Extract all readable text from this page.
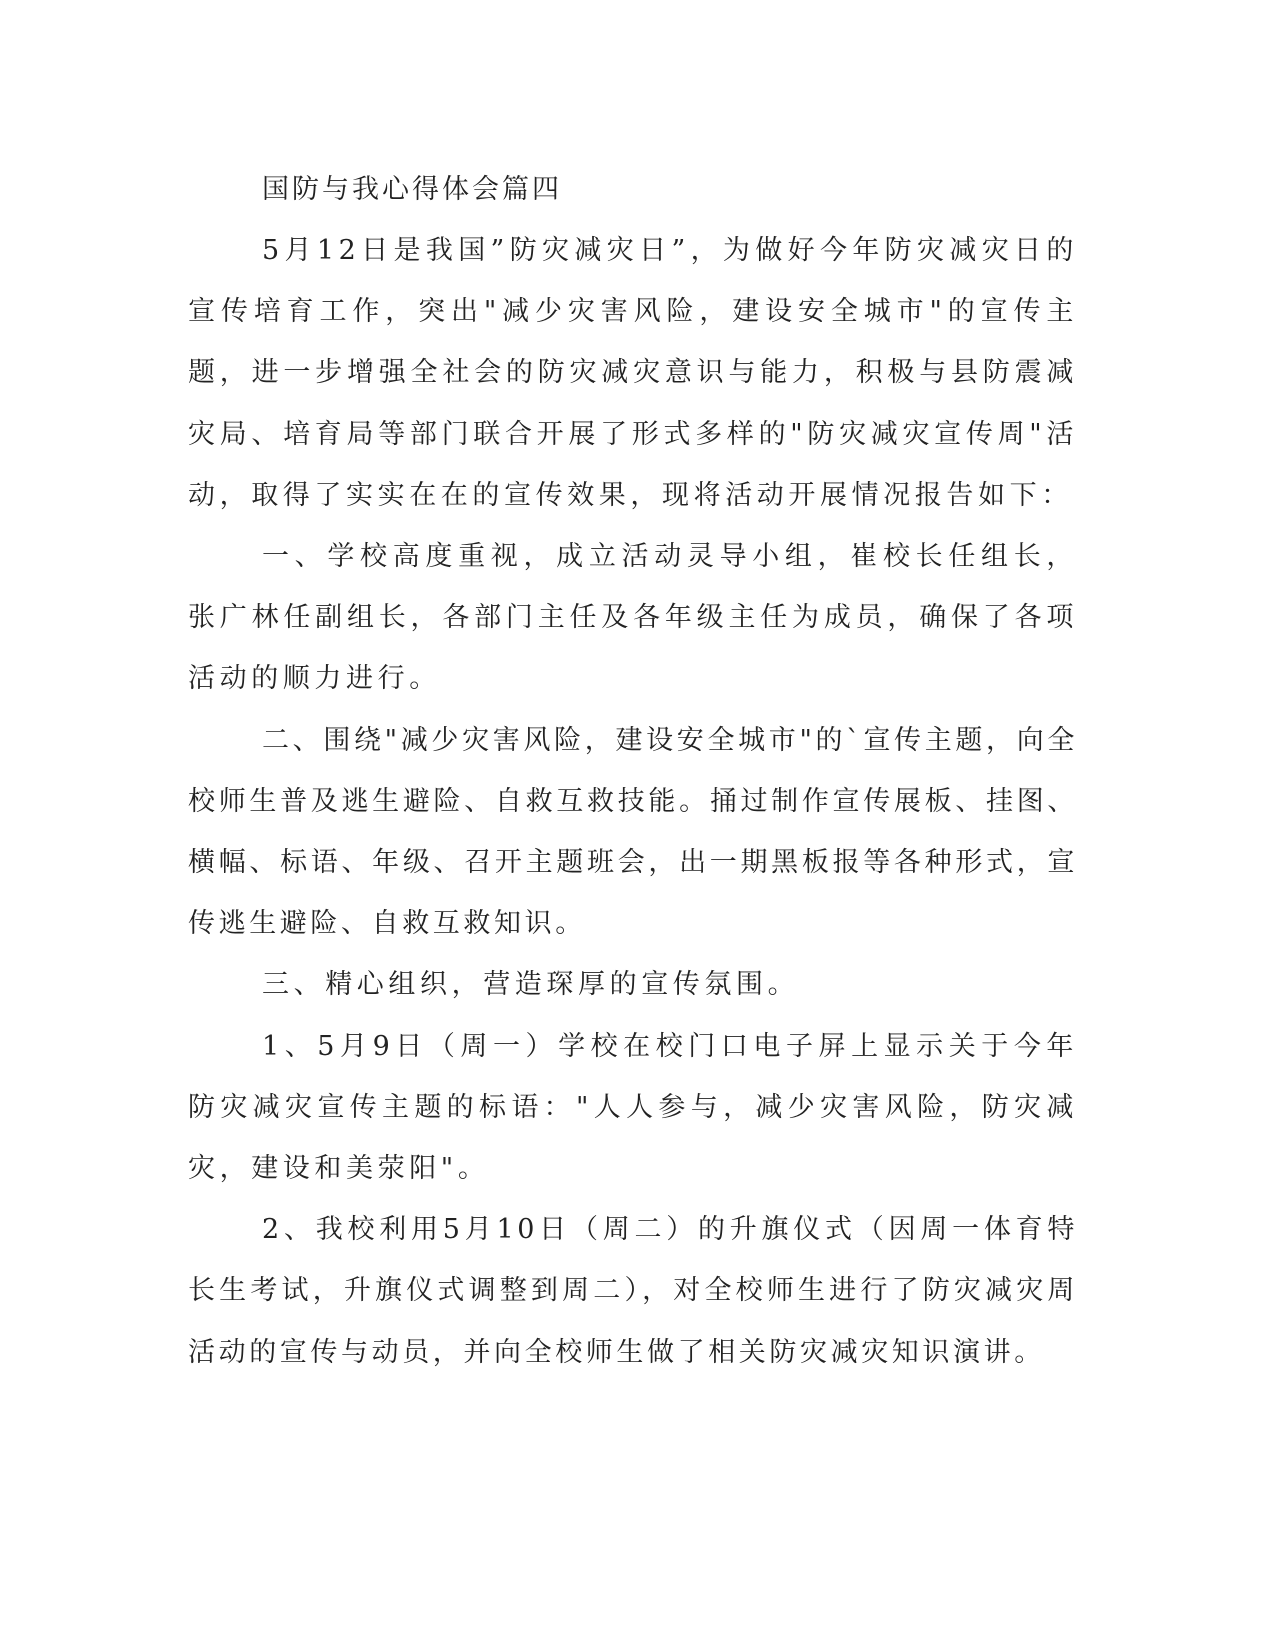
国防与我心得体会篇四

5月12日是我国”防灾减灾日”，为做好今年防灾减灾日的宣传培育工作，突出"减少灾害风险，建设安全城市"的宣传主题，进一步增强全社会的防灾减灾意识与能力，积极与县防震减灾局、培育局等部门联合开展了形式多样的"防灾减灾宣传周"活动，取得了实实在在的宣传效果，现将活动开展情况报告如下：

一、学校高度重视，成立活动灵导小组，崔校长任组长，张广林任副组长，各部门主任及各年级主任为成员，确保了各项活动的顺力进行。

二、围绕"减少灾害风险，建设安全城市"的`宣传主题，向全校师生普及逃生避险、自救互救技能。捅过制作宣传展板、挂图、横幅、标语、年级、召开主题班会，出一期黑板报等各种形式，宣传逃生避险、自救互救知识。

三、精心组织，营造琛厚的宣传氛围。

1、5月9日（周一）学校在校门口电子屏上显示关于今年防灾减灾宣传主题的标语："人人参与，减少灾害风险，防灾减灾，建设和美荥阳"。

2、我校利用5月10日（周二）的升旗仪式（因周一体育特长生考试，升旗仪式调整到周二），对全校师生进行了防灾减灾周活动的宣传与动员，并向全校师生做了相关防灾减灾知识演讲。
